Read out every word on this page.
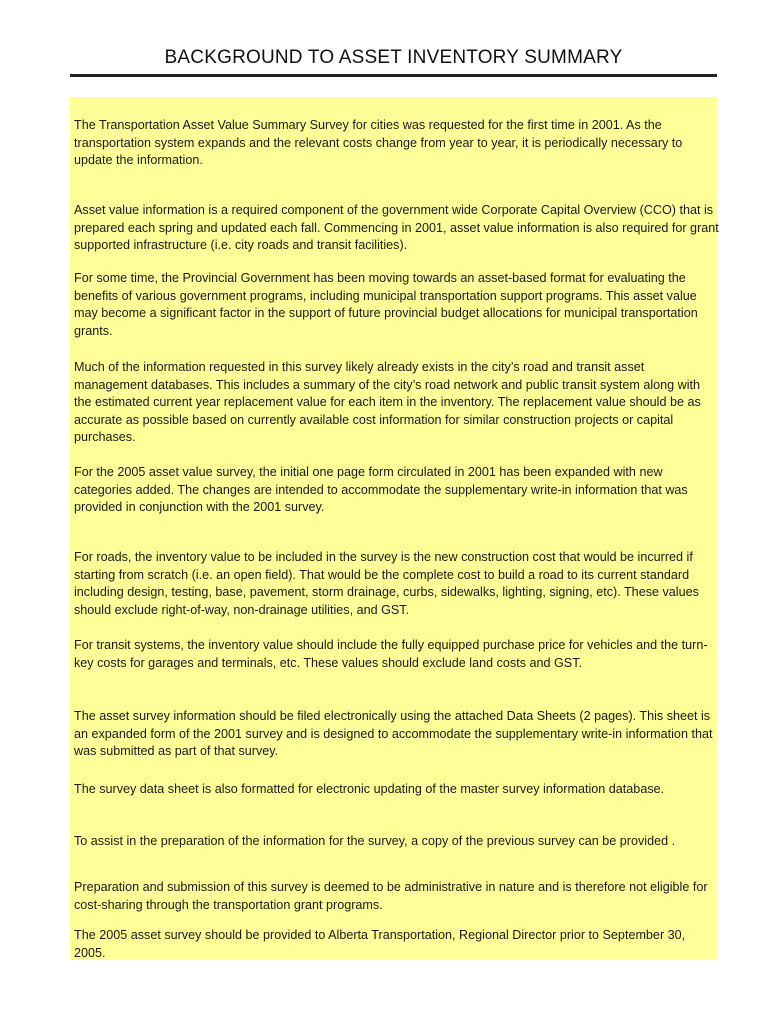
BACKGROUND TO ASSET INVENTORY SUMMARY

The Transportation Asset Value Summary Survey for cities was requested for the first time in 2001. As the transportation system expands and the relevant costs change from year to year, it is periodically necessary to update the information.

Asset value information is a required component of the government wide Corporate Capital Overview (CCO) that is prepared each spring and updated each fall. Commencing in 2001, asset value information is also required for grant supported infrastructure (i.e. city roads and transit facilities).

For some time, the Provincial Government has been moving towards an asset-based format for evaluating the benefits of various government programs, including municipal transportation support programs. This asset value may become a significant factor in the support of future provincial budget allocations for municipal transportation grants.

Much of the information requested in this survey likely already exists in the city’s road and transit asset management databases. This includes a summary of the city’s road network and public transit system along with the estimated current year replacement value for each item in the inventory. The replacement value should be as accurate as possible based on currently available cost information for similar construction projects or capital purchases.

For the 2005 asset value survey, the initial one page form circulated in 2001 has been expanded with new categories added. The changes are intended to accommodate the supplementary write-in information that was provided in conjunction with the 2001 survey.

For roads, the inventory value to be included in the survey is the new construction cost that would be incurred if starting from scratch (i.e. an open field). That would be the complete cost to build a road to its current standard including design, testing, base, pavement, storm drainage, curbs, sidewalks, lighting, signing, etc). These values should exclude right-of-way, non-drainage utilities, and GST.

For transit systems, the inventory value should include the fully equipped purchase price for vehicles and the turn-key costs for garages and terminals, etc. These values should exclude land costs and GST.

The asset survey information should be filed electronically using the attached Data Sheets (2 pages). This sheet is an expanded form of the 2001 survey and is designed to accommodate the supplementary write-in information that was submitted as part of that survey.

The survey data sheet is also formatted for electronic updating of the master survey information database.

To assist in the preparation of the information for the survey, a copy of the previous survey can be provided .

Preparation and submission of this survey is deemed to be administrative in nature and is therefore not eligible for cost-sharing through the transportation grant programs.

The 2005 asset survey should be provided to Alberta Transportation, Regional Director prior to September 30, 2005.
